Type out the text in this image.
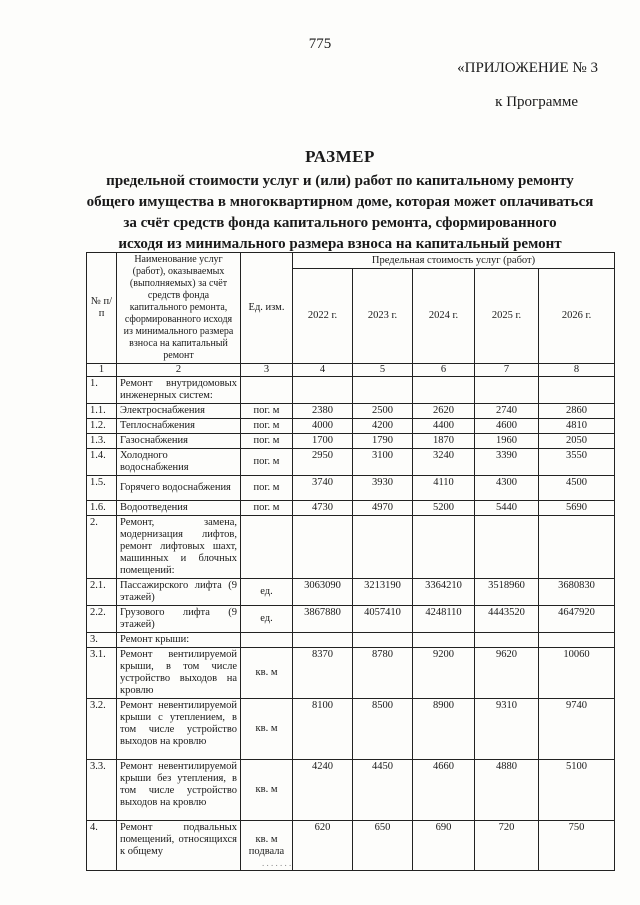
775
«ПРИЛОЖЕНИЕ № 3
к Программе
РАЗМЕР
предельной стоимости услуг и (или) работ по капитальному ремонту
общего имущества в многоквартирном доме, которая может оплачиваться
за счёт средств фонда капитального ремонта, сформированного
исходя из минимального размера взноса на капитальный ремонт
№ п/п	Наименование услуг (работ), оказываемых (выполняемых) за счёт средств фонда капитального ремонта, сформированного исходя из минимального размера взноса на капитальный ремонт	Ед. изм.	Предельная стоимость услуг (работ)				
			2022 г.	2023 г.	2024 г.	2025 г.	2026 г.
1	2	3	4	5	6	7	8
1.	Ремонт внутридомовых инженерных систем:						
1.1.	Электроснабжения	пог. м	2380	2500	2620	2740	2860
1.2.	Теплоснабжения	пог. м	4000	4200	4400	4600	4810
1.3.	Газоснабжения	пог. м	1700	1790	1870	1960	2050
1.4.	Холодного водоснабжения	пог. м	2950	3100	3240	3390	3550
1.5.	Горячего водоснабжения	пог. м	3740	3930	4110	4300	4500
1.6.	Водоотведения	пог. м	4730	4970	5200	5440	5690
2.	Ремонт, замена, модернизация лифтов, ремонт лифтовых шахт, машинных и блочных помещений:						
2.1.	Пассажирского лифта (9 этажей)	ед.	3063090	3213190	3364210	3518960	3680830
2.2.	Грузового лифта (9 этажей)	ед.	3867880	4057410	4248110	4443520	4647920
3.	Ремонт крыши:						
3.1.	Ремонт вентилируемой крыши, в том числе устройство выходов на кровлю	кв. м	8370	8780	9200	9620	10060
3.2.	Ремонт невентилируемой крыши с утеплением, в том числе устройство выходов на кровлю	кв. м	8100	8500	8900	9310	9740
3.3.	Ремонт невентилируемой крыши без утепления, в том числе устройство выходов на кровлю	кв. м	4240	4450	4660	4880	5100
4.	Ремонт подвальных помещений, относящихся к общему	кв. м подвала	620	650	690	720	750
. . . . . . .
